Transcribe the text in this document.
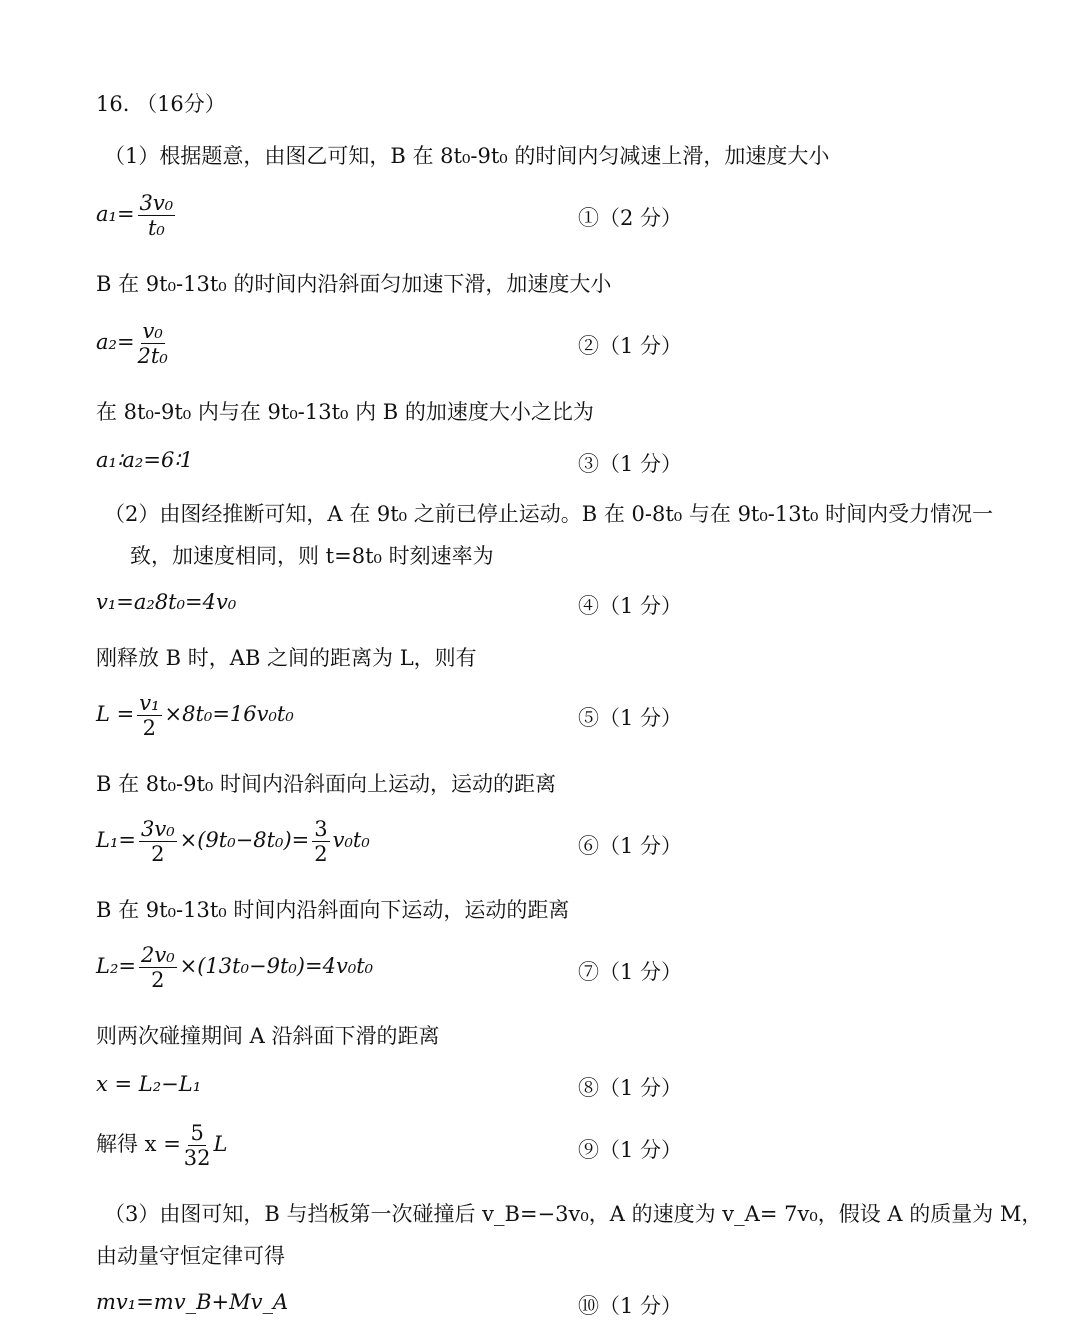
16. （16分）
（1）根据题意，由图乙可知，B 在 8t₀-9t₀ 的时间内匀减速上滑，加速度大小
$a_1= \frac{\text{3v₀}}{\text{t₀}}$	①（2 分）
B 在 9t₀-13t₀ 的时间内沿斜面匀加速下滑，加速度大小
$a_2= \frac{\text{v₀}}{\text{2t₀}}$	②（1 分）
在 8t₀-9t₀ 内与在 9t₀-13t₀ 内 B 的加速度大小之比为
a₁∶a₂=6∶1	③（1 分）
（2）由图经推断可知，A 在 9t₀ 之前已停止运动。B 在 0-8t₀ 与在 9t₀-13t₀ 时间内受力情况一
致，加速度相同，则 t=8t₀ 时刻速率为
v₁=a₂8t₀=4v₀	④（1 分）
刚释放 B 时，AB 之间的距离为 L，则有
$L = \frac{\text{v₁}}{2} \times 8t_0=16v_0t_0$	⑤（1 分）
B 在 8t₀-9t₀ 时间内沿斜面向上运动，运动的距离
$L_1= \frac{\text{3v₀}}{2} \times(9t_0-8t_0)= \frac{3}{2} v_0t_0$	⑥（1 分）
B 在 9t₀-13t₀ 时间内沿斜面向下运动，运动的距离
$L_2= \frac{\text{2v₀}}{2} \times(13t_0-9t_0)=4v_0t_0$	⑦（1 分）
则两次碰撞期间 A 沿斜面下滑的距离
x = L₂−L₁	⑧（1 分）
解得 $x = \frac{5}{32}$ L	⑨（1 分）
（3）由图可知，B 与挡板第一次碰撞后 v_B=−3v₀，A 的速度为 v_A= 7v₀，假设 A 的质量为 M，
由动量守恒定律可得
mv₁=mv_B+Mv_A	⑩（1 分）
